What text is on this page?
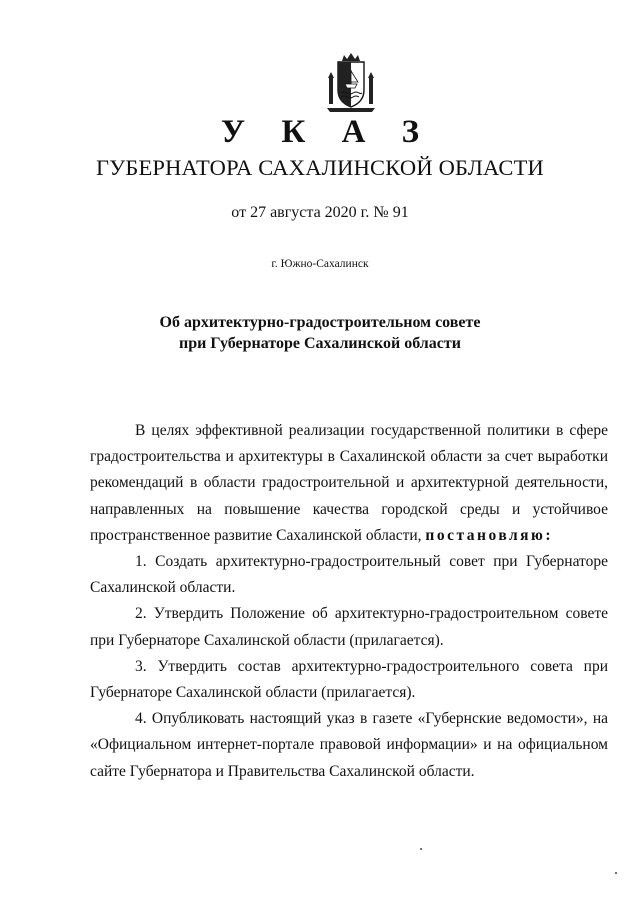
У К А З
ГУБЕРНАТОРА САХАЛИНСКОЙ ОБЛАСТИ
от 27 августа 2020 г. № 91
г. Южно-Сахалинск
Об архитектурно-градостроительном совете
при Губернаторе Сахалинской области

В целях эффективной реализации государственной политики в сфере градостроительства и архитектуры в Сахалинской области за счет выработки рекомендаций в области градостроительной и архитектурной деятельности, направленных на повышение качества городской среды и устойчивое пространственное развитие Сахалинской области, постановляю:

1. Создать архитектурно-градостроительный совет при Губернаторе Сахалинской области.

2. Утвердить Положение об архитектурно-градостроительном совете при Губернаторе Сахалинской области (прилагается).

3. Утвердить состав архитектурно-градостроительного совета при Губернаторе Сахалинской области (прилагается).

4. Опубликовать настоящий указ в газете «Губернские ведомости», на «Официальном интернет-портале правовой информации» и на официальном сайте Губернатора и Правительства Сахалинской области.
